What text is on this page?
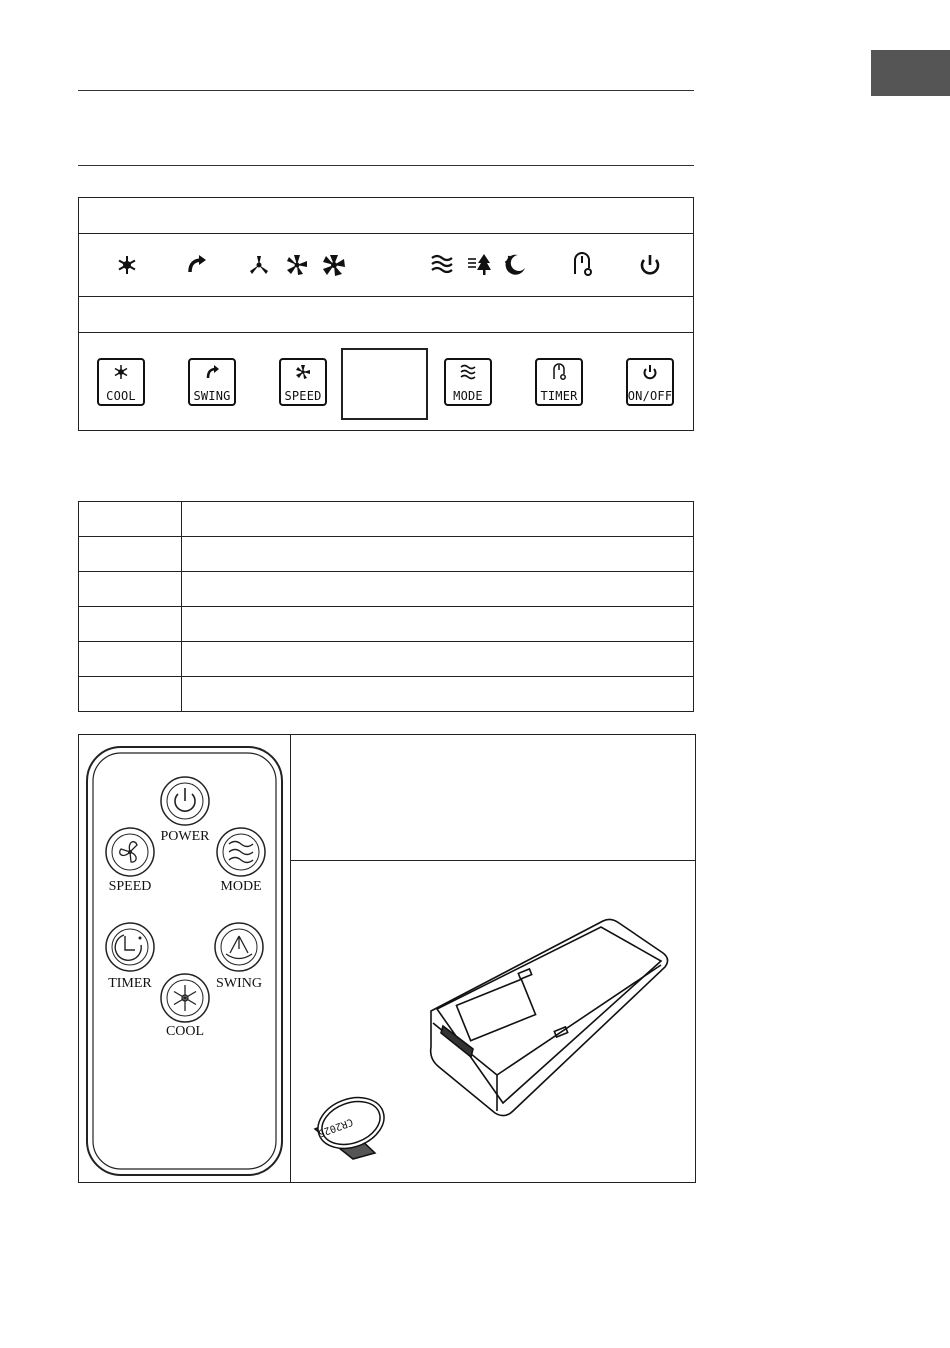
COOL	SWING	SPEED	MODE	TIMER	ON/OFF

POWER
SPEED	MODE
TIMER	SWING
COOL
CR2025
